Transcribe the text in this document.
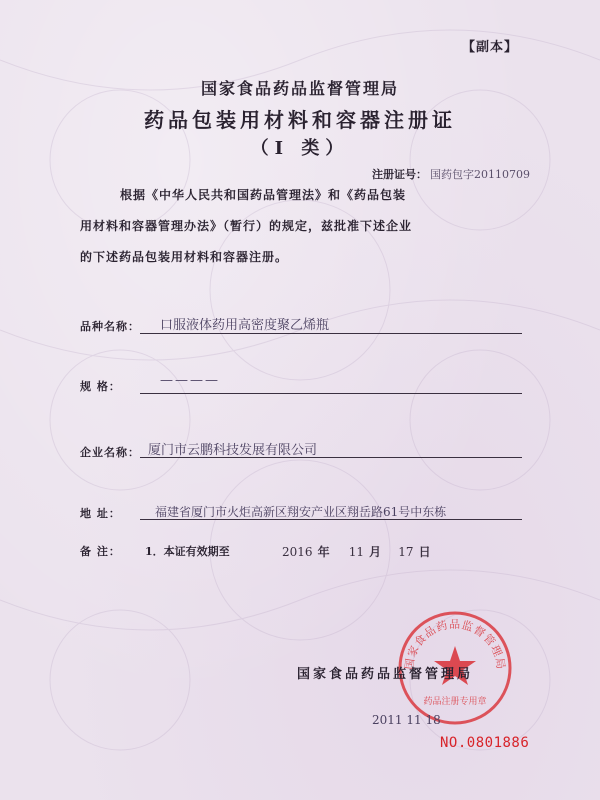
【副本】
国家食品药品监督管理局
药品包装用材料和容器注册证
（Ⅰ 类）
注册证号： 国药包字20110709
根据《中华人民共和国药品管理法》和《药品包装
用材料和容器管理办法》（暂行）的规定，兹批准下述企业
的下述药品包装用材料和容器注册。
品种名称： 口服液体药用高密度聚乙烯瓶
规 格：	————
企业名称： 厦门市云鹏科技发展有限公司
地 址：	福建省厦门市火炬高新区翔安产业区翔岳路61号中东栋
备 注： 1．本证有效期至	2016 年 11 月 17 日
国家食品药品监督管理局
药品注册专用章
国家食品药品监督管理局
2011 11 18
NO.0801886
